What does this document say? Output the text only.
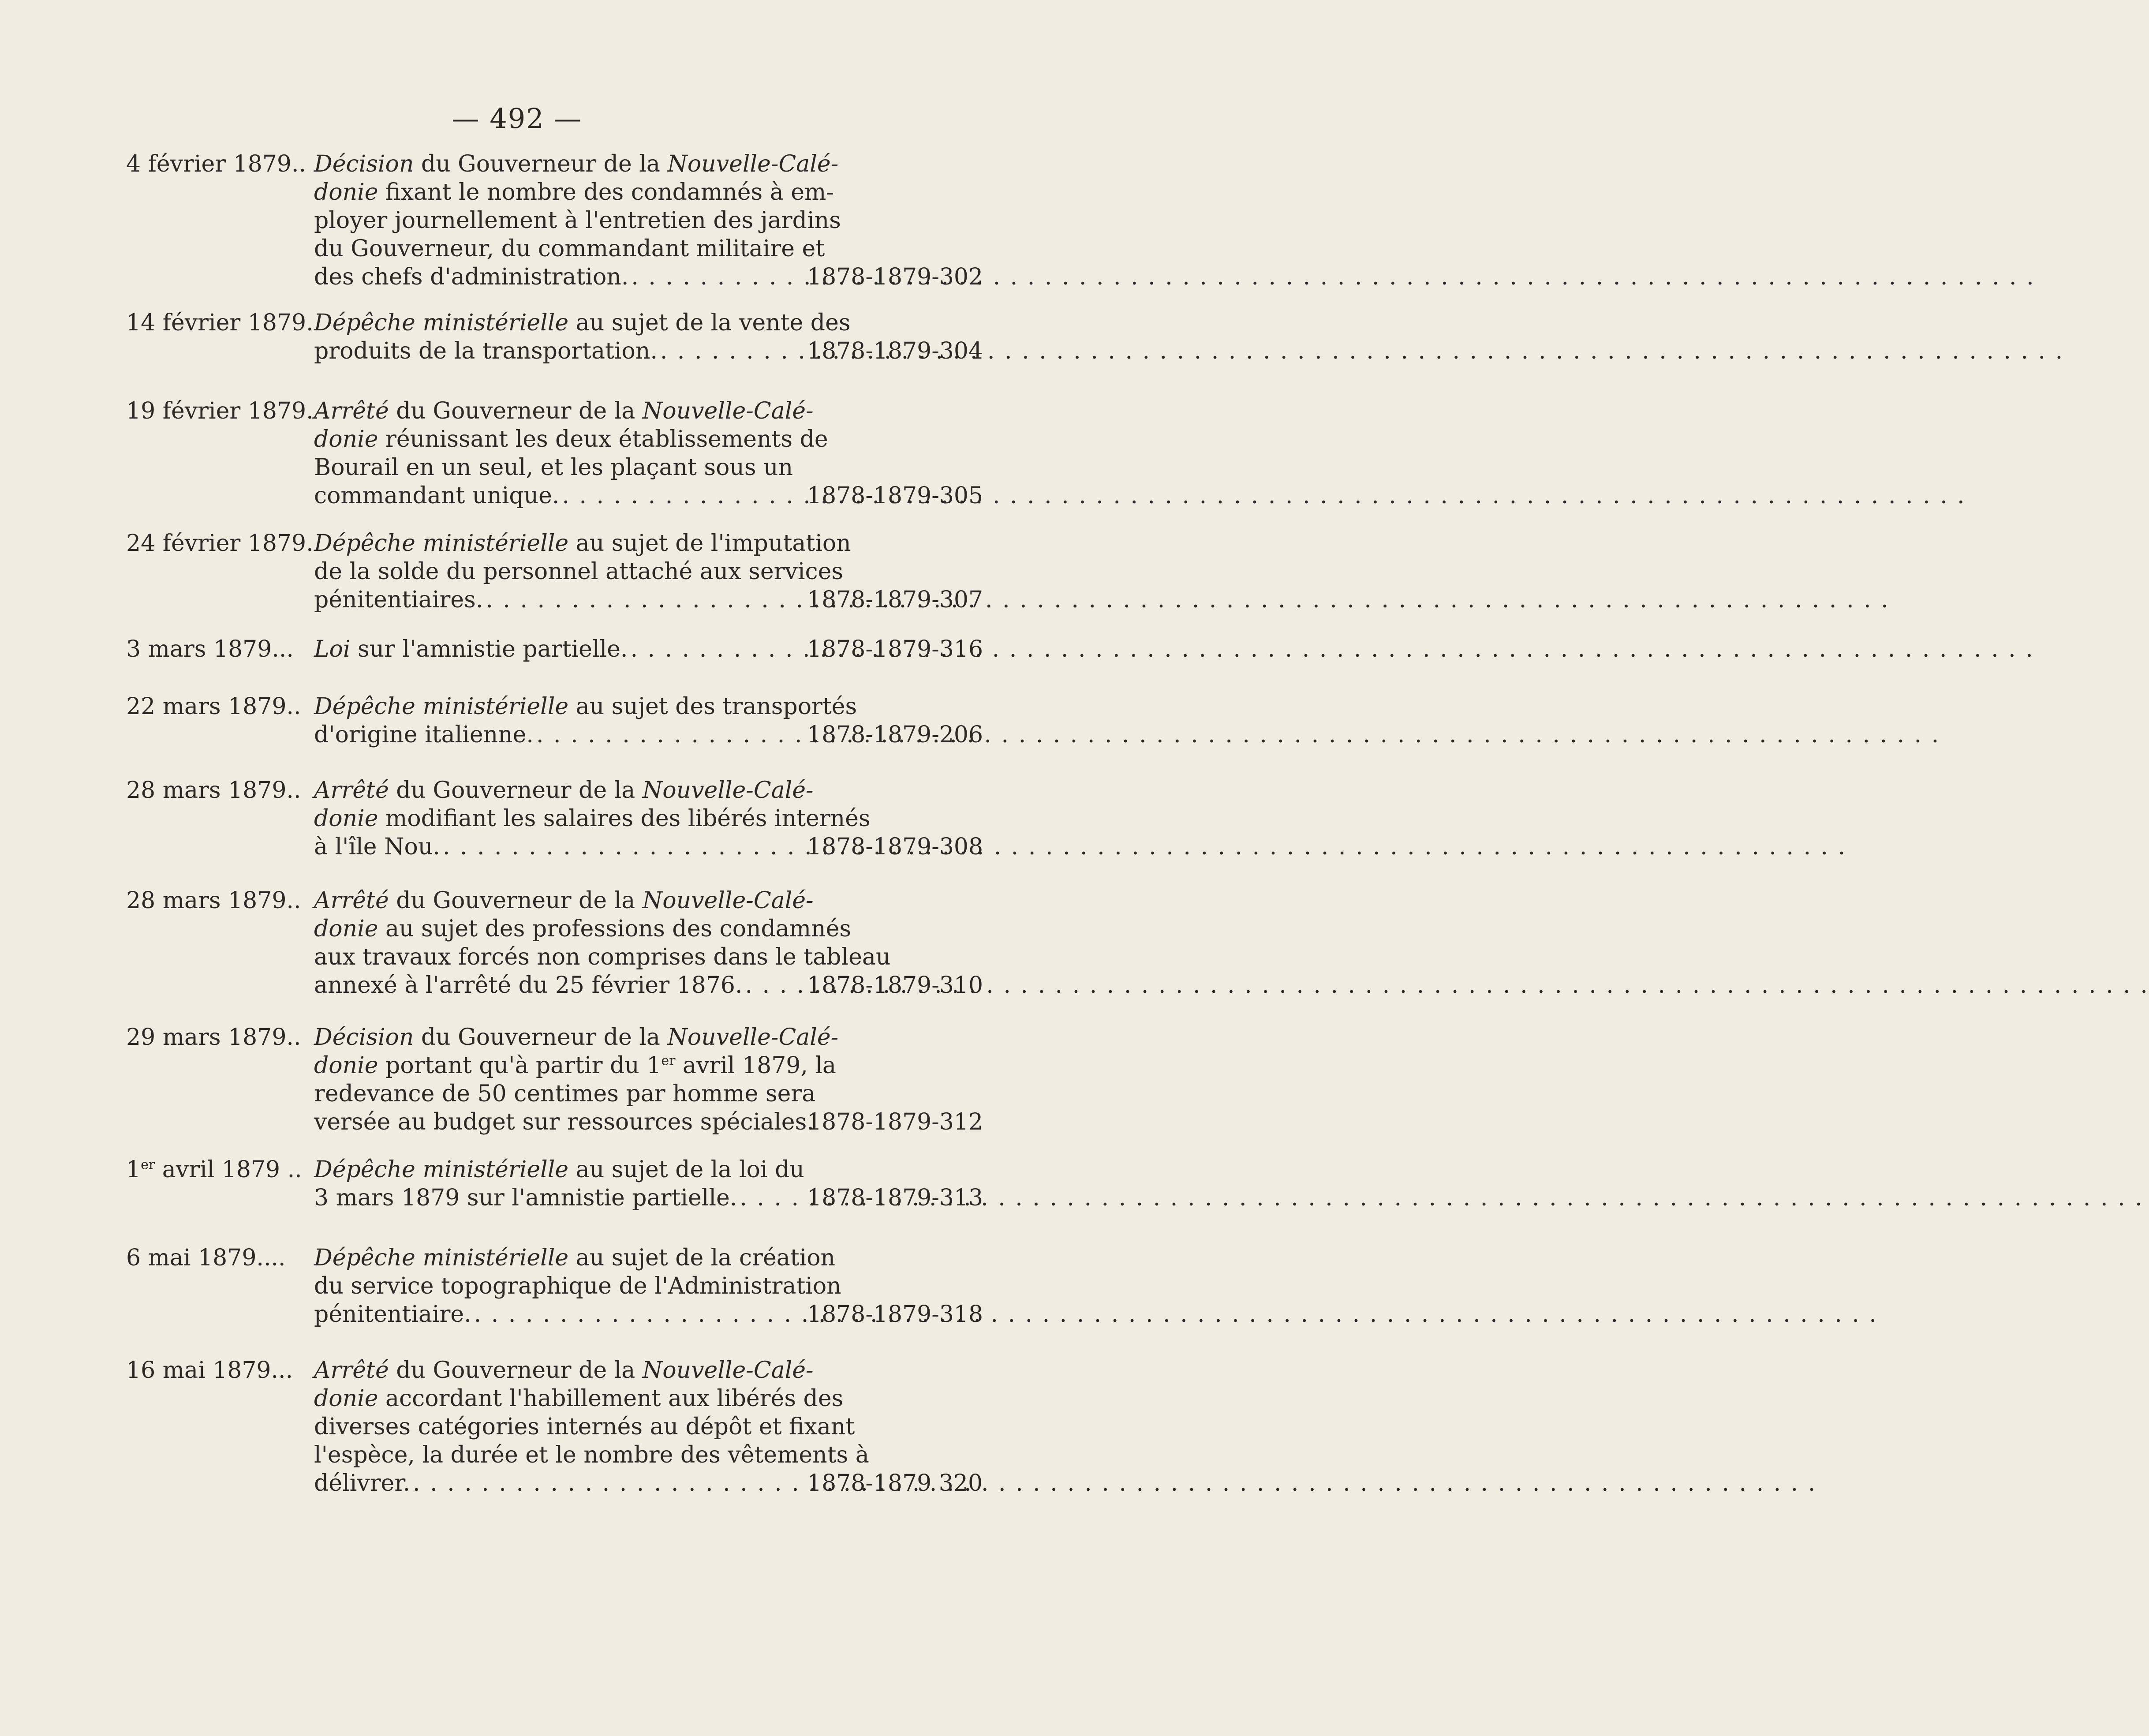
— 492 —
4 février 1879.. Décision du Gouverneur de la Nouvelle-Calé-
donie fixant le nombre des condamnés à em-
ployer journellement à l'entretien des jardins
du Gouverneur, du commandant militaire et
des chefs d'administration. . . .	1878-1879-302
14 février 1879. Dépêche ministérielle au sujet de la vente des
produits de la transportation. . . .	1878-1879-304
19 février 1879. Arrêté du Gouverneur de la Nouvelle-Calé-
donie réunissant les deux établissements de
Bourail en un seul, et les plaçant sous un
commandant unique. . . .	1878-1879-305
24 février 1879. Dépêche ministérielle au sujet de l'imputation
de la solde du personnel attaché aux services
pénitentiaires. . . .	1878-1879-307
3 mars 1879... Loi sur l'amnistie partielle. . . .	1878-1879-316
22 mars 1879.. Dépêche ministérielle au sujet des transportés
d'origine italienne. . . .	1878-1879-206
28 mars 1879.. Arrêté du Gouverneur de la Nouvelle-Calé-
donie modifiant les salaires des libérés internés
à l'île Nou. . . .	1878-1879-308
28 mars 1879.. Arrêté du Gouverneur de la Nouvelle-Calé-
donie au sujet des professions des condamnés
aux travaux forcés non comprises dans le tableau
annexé à l'arrêté du 25 février 1876. . . .	1878-1879-310
29 mars 1879.. Décision du Gouverneur de la Nouvelle-Calé-
donie portant qu'à partir du 1er avril 1879, la
redevance de 50 centimes par homme sera
versée au budget sur ressources spéciales.
1878-1879-312
1er avril 1879 .. Dépêche ministérielle au sujet de la loi du
3 mars 1879 sur l'amnistie partielle. . . .	1878-1879-313
6 mai 1879....	Dépêche ministérielle au sujet de la création
du service topographique de l'Administration
pénitentiaire. . . .	1878-1879-318
16 mai 1879... Arrêté du Gouverneur de la Nouvelle-Calé-
donie accordant l'habillement aux libérés des
diverses catégories internés au dépôt et fixant
l'espèce, la durée et le nombre des vêtements à
délivrer. . . .	1878-1879 320
